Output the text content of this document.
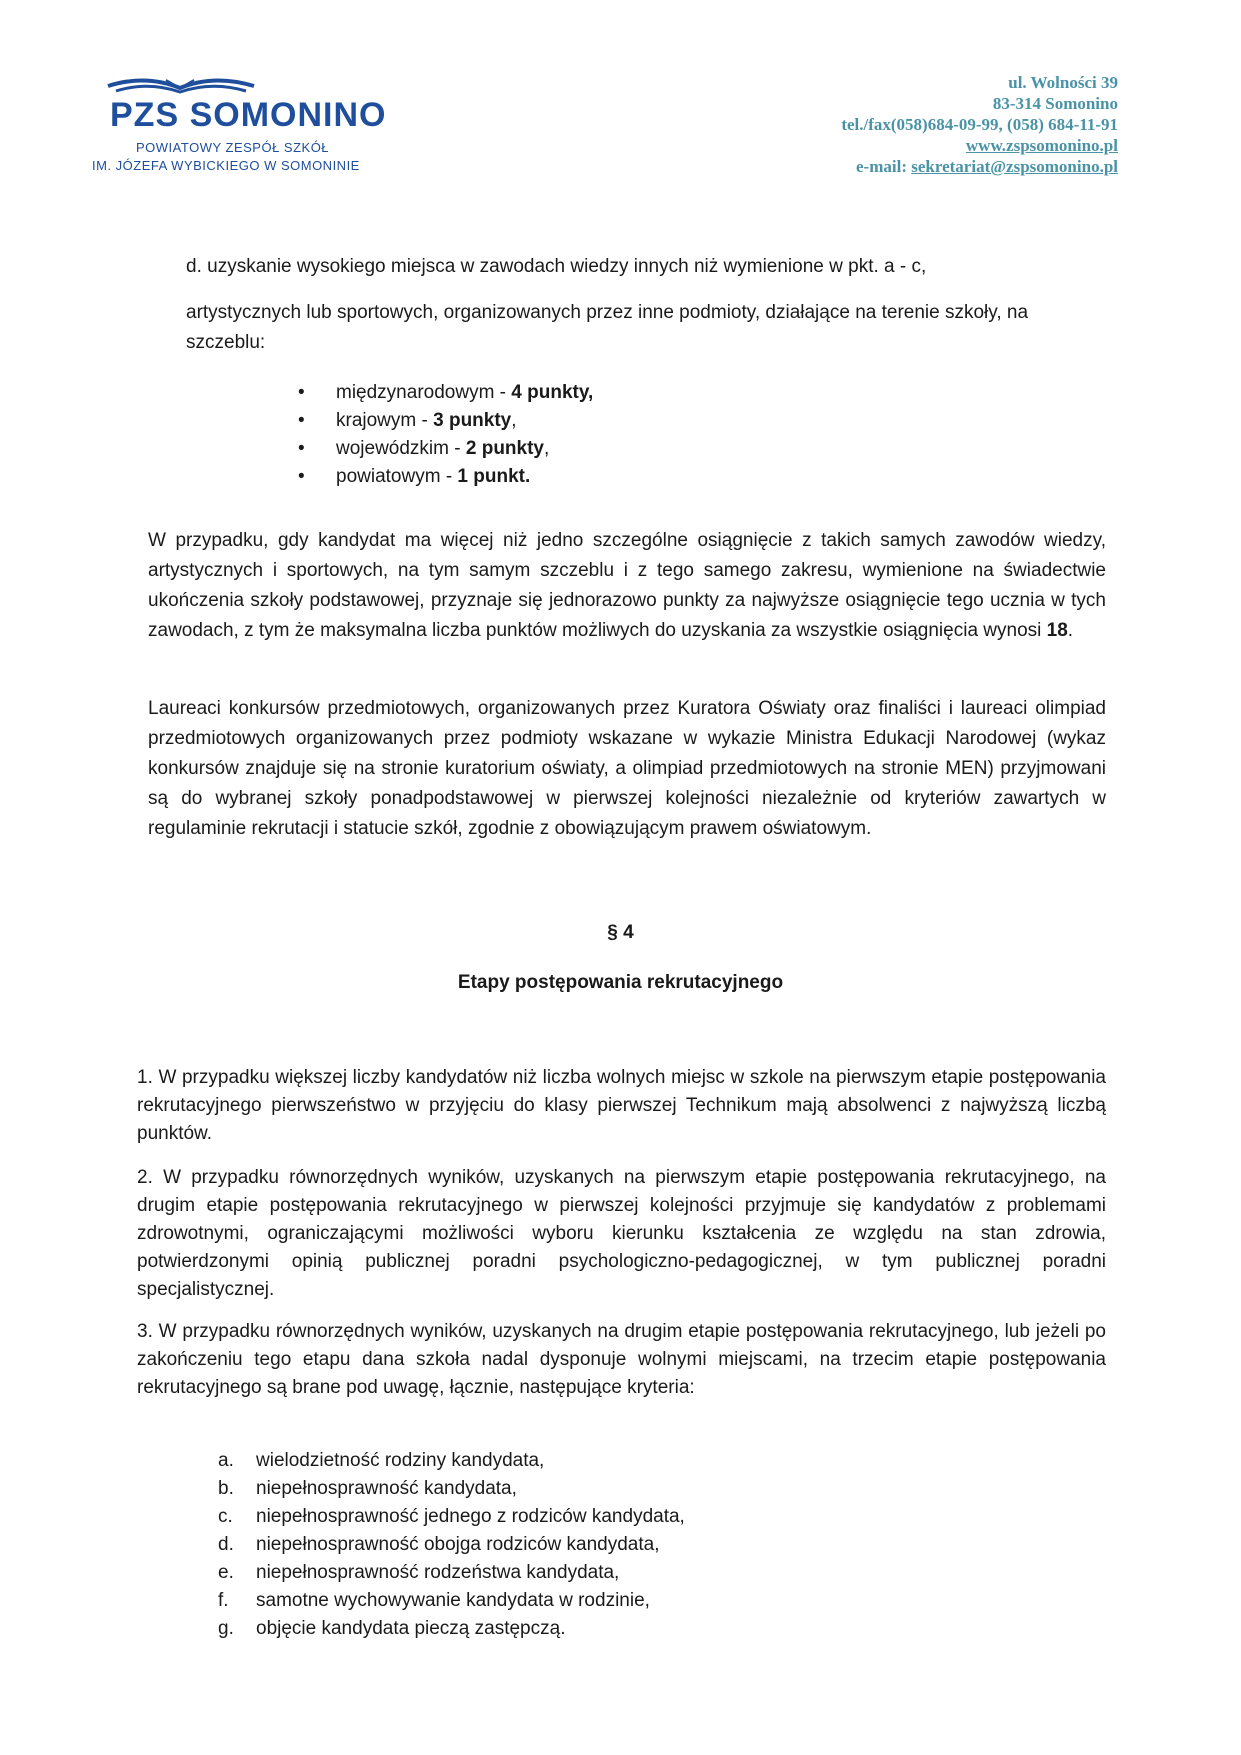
PZS SOMONINO
POWIATOWY ZESPÓŁ SZKÓŁ
IM. JÓZEFA WYBICKIEGO W SOMONINIE
ul. Wolności 39
83-314 Somonino
tel./fax(058)684-09-99, (058) 684-11-91
www.zspsomonino.pl
e-mail: sekretariat@zspsomonino.pl
d. uzyskanie wysokiego miejsca w zawodach wiedzy innych niż wymienione w pkt. a - c,
artystycznych lub sportowych, organizowanych przez inne podmioty, działające na terenie szkoły, na szczeblu:
• międzynarodowym - 4 punkty,
• krajowym - 3 punkty,
• wojewódzkim - 2 punkty,
• powiatowym - 1 punkt.
W przypadku, gdy kandydat ma więcej niż jedno szczególne osiągnięcie z takich samych zawodów wiedzy, artystycznych i sportowych, na tym samym szczeblu i z tego samego zakresu, wymienione na świadectwie ukończenia szkoły podstawowej, przyznaje się jednorazowo punkty za najwyższe osiągnięcie tego ucznia w tych zawodach, z tym że maksymalna liczba punktów możliwych do uzyskania za wszystkie osiągnięcia wynosi 18.
Laureaci konkursów przedmiotowych, organizowanych przez Kuratora Oświaty oraz finaliści i laureaci olimpiad przedmiotowych organizowanych przez podmioty wskazane w wykazie Ministra Edukacji Narodowej (wykaz konkursów znajduje się na stronie kuratorium oświaty, a olimpiad przedmiotowych na stronie MEN) przyjmowani są do wybranej szkoły ponadpodstawowej w pierwszej kolejności niezależnie od kryteriów zawartych w regulaminie rekrutacji i statucie szkół, zgodnie z obowiązującym prawem oświatowym.
§ 4
Etapy postępowania rekrutacyjnego
1. W przypadku większej liczby kandydatów niż liczba wolnych miejsc w szkole na pierwszym etapie postępowania rekrutacyjnego pierwszeństwo w przyjęciu do klasy pierwszej Technikum mają absolwenci z najwyższą liczbą punktów.
2. W przypadku równorzędnych wyników, uzyskanych na pierwszym etapie postępowania rekrutacyjnego, na drugim etapie postępowania rekrutacyjnego w pierwszej kolejności przyjmuje się kandydatów z problemami zdrowotnymi, ograniczającymi możliwości wyboru kierunku kształcenia ze względu na stan zdrowia, potwierdzonymi opinią publicznej poradni psychologiczno-pedagogicznej, w tym publicznej poradni specjalistycznej.
3. W przypadku równorzędnych wyników, uzyskanych na drugim etapie postępowania rekrutacyjnego, lub jeżeli po zakończeniu tego etapu dana szkoła nadal dysponuje wolnymi miejscami, na trzecim etapie postępowania rekrutacyjnego są brane pod uwagę, łącznie, następujące kryteria:
a. wielodzietność rodziny kandydata,
b. niepełnosprawność kandydata,
c. niepełnosprawność jednego z rodziców kandydata,
d. niepełnosprawność obojga rodziców kandydata,
e. niepełnosprawność rodzeństwa kandydata,
f. samotne wychowywanie kandydata w rodzinie,
g. objęcie kandydata pieczą zastępczą.
